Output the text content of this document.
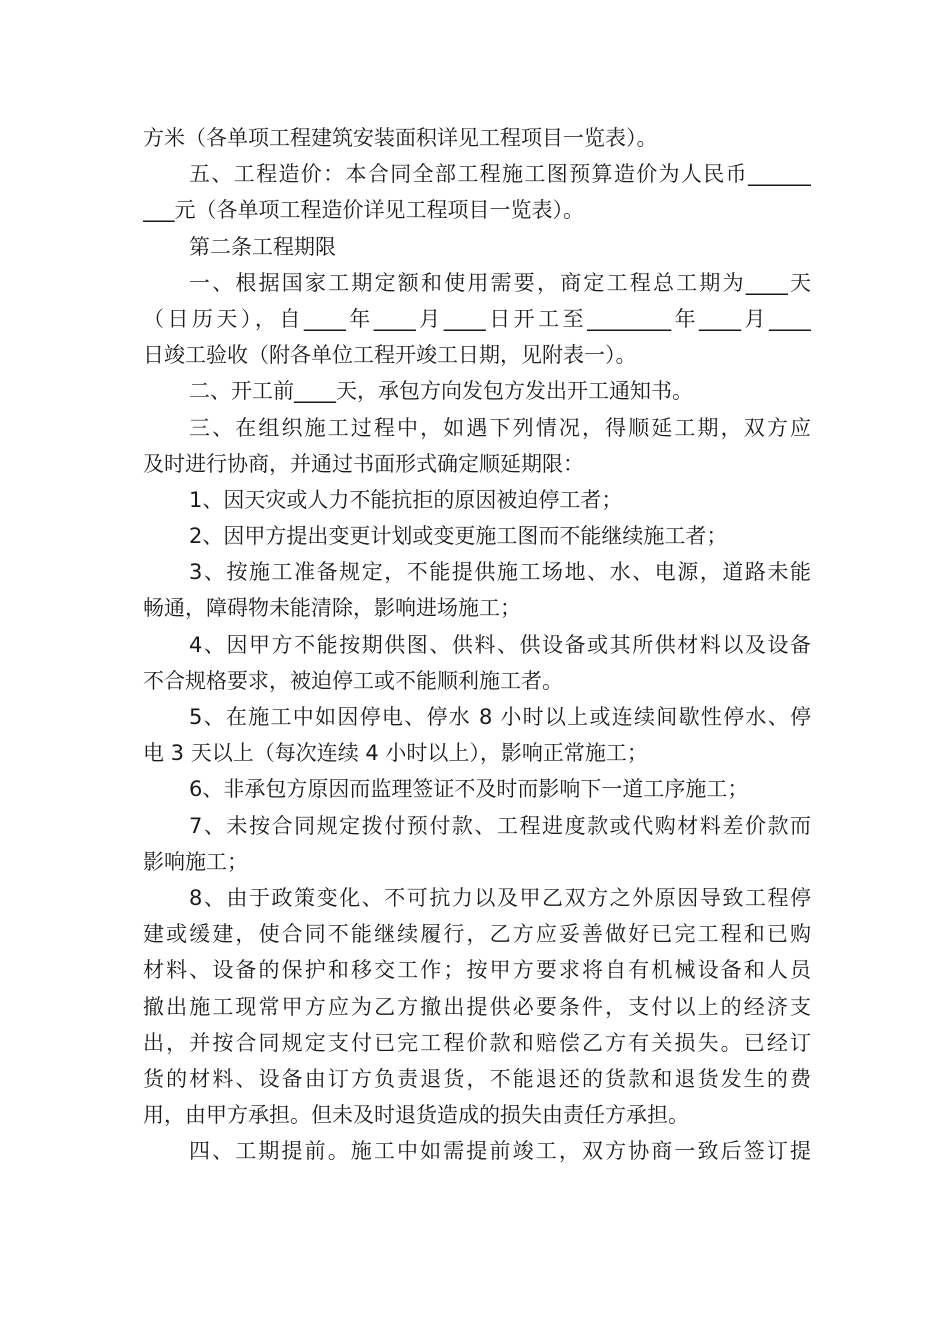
方米（各单项工程建筑安装面积详见工程项目一览表）。
五、工程造价：本合同全部工程施工图预算造价为人民币______
___元（各单项工程造价详见工程项目一览表）。
第二条工程期限
一、根据国家工期定额和使用需要，商定工程总工期为____天
（日历天），自____年____月____日开工至________年____月____
日竣工验收（附各单位工程开竣工日期，见附表一）。
二、开工前____天，承包方向发包方发出开工通知书。
三、在组织施工过程中，如遇下列情况，得顺延工期，双方应
及时进行协商，并通过书面形式确定顺延期限：
1、因天灾或人力不能抗拒的原因被迫停工者；
2、因甲方提出变更计划或变更施工图而不能继续施工者；
3、按施工准备规定，不能提供施工场地、水、电源，道路未能
畅通，障碍物未能清除，影响进场施工；
4、因甲方不能按期供图、供料、供设备或其所供材料以及设备
不合规格要求，被迫停工或不能顺利施工者。
5、在施工中如因停电、停水 8 小时以上或连续间歇性停水、停
电 3 天以上（每次连续 4 小时以上），影响正常施工；
6、非承包方原因而监理签证不及时而影响下一道工序施工；
7、未按合同规定拨付预付款、工程进度款或代购材料差价款而
影响施工；
8、由于政策变化、不可抗力以及甲乙双方之外原因导致工程停
建或缓建，使合同不能继续履行，乙方应妥善做好已完工程和已购
材料、设备的保护和移交工作；按甲方要求将自有机械设备和人员
撤出施工现常甲方应为乙方撤出提供必要条件，支付以上的经济支
出，并按合同规定支付已完工程价款和赔偿乙方有关损失。已经订
货的材料、设备由订方负责退货，不能退还的货款和退货发生的费
用，由甲方承担。但未及时退货造成的损失由责任方承担。
四、工期提前。施工中如需提前竣工，双方协商一致后签订提
